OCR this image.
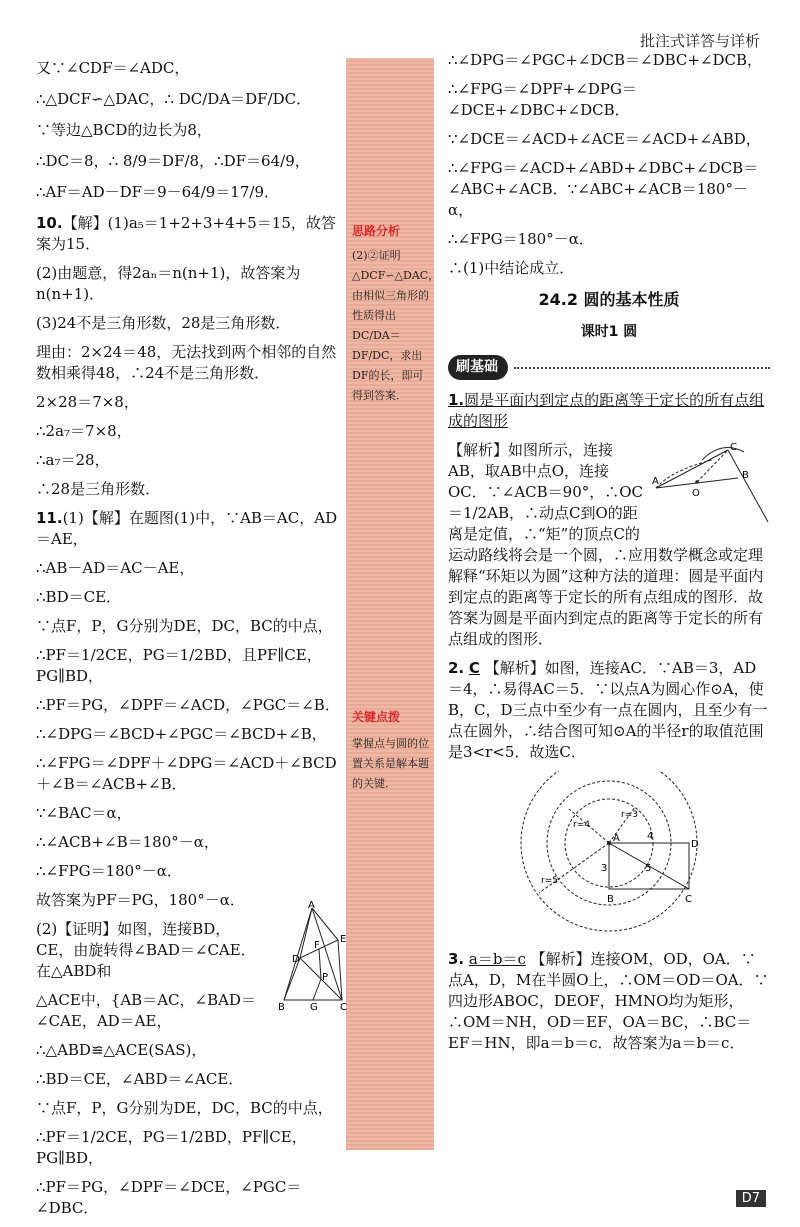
批注式详答与详析
思路分析
(2)②证明△DCF∽△DAC，由相似三角形的性质得出DC/DA＝DF/DC，求出DF的长，即可得到答案．
关键点拨
掌握点与圆的位置关系是解本题的关键．
又∵∠CDF＝∠ADC，
∴△DCF∽△DAC，∴ DC/DA＝DF/DC．
∵等边△BCD的边长为8，
∴DC＝8，∴ 8/9＝DF/8，∴DF＝64/9，
∴AF＝AD－DF＝9－64/9＝17/9．
10.【解】(1)a₅＝1+2+3+4+5＝15，故答案为15．
(2)由题意，得2aₙ＝n(n+1)，故答案为n(n+1)．
(3)24不是三角形数，28是三角形数．
理由：2×24＝48，无法找到两个相邻的自然数相乘得48，∴24不是三角形数．
2×28＝7×8，
∴2a₇＝7×8，
∴a₇＝28，
∴28是三角形数．
11.(1)【解】在题图(1)中，∵AB＝AC，AD＝AE，
∴AB－AD＝AC－AE，
∴BD＝CE．
∵点F，P，G分别为DE，DC，BC的中点，
∴PF＝1/2CE，PG＝1/2BD，且PF∥CE，PG∥BD，
∴PF＝PG，∠DPF＝∠ACD，∠PGC＝∠B．
∴∠DPG＝∠BCD+∠PGC＝∠BCD+∠B，
∴∠FPG＝∠DPF＋∠DPG＝∠ACD＋∠BCD＋∠B＝∠ACB+∠B．
∵∠BAC＝α，
∴∠ACB+∠B＝180°－α，
∴∠FPG＝180°－α．
故答案为PF＝PG，180°－α．
(2)【证明】如图，连接BD，CE，由旋转得∠BAD＝∠CAE．在△ABD和
△ACE中，{AB＝AC，∠BAD＝∠CAE，AD＝AE，
∴△ABD≌△ACE(SAS)，
∴BD＝CE，∠ABD＝∠ACE．
∵点F，P，G分别为DE，DC，BC的中点，
∴PF＝1/2CE，PG＝1/2BD，PF∥CE，PG∥BD，
∴PF＝PG，∠DPF＝∠DCE，∠PGC＝∠DBC．
A
B	C
D
E
F
P
G
∴∠DPG＝∠PGC+∠DCB＝∠DBC+∠DCB，
∴∠FPG＝∠DPF+∠DPG＝∠DCE+∠DBC+∠DCB．
∵∠DCE＝∠ACD+∠ACE＝∠ACD+∠ABD，
∴∠FPG＝∠ACD+∠ABD+∠DBC+∠DCB＝∠ABC+∠ACB．∵∠ABC+∠ACB＝180°－α，
∴∠FPG＝180°－α．
∴(1)中结论成立．
24.2 圆的基本性质
课时1 圆
刷基础
1.圆是平面内到定点的距离等于定长的所有点组成的图形
A
B
C
O
【解析】如图所示，连接AB，取AB中点O，连接OC．∵∠ACB＝90°，∴OC＝1/2AB，∴动点C到O的距离是定值，∴“矩”的顶点C的运动路线将会是一个圆，∴应用数学概念或定理解释“环矩以为圆”这种方法的道理：圆是平面内到定点的距离等于定长的所有点组成的图形．故答案为圆是平面内到定点的距离等于定长的所有点组成的图形．
2. C 【解析】如图，连接AC．∵AB＝3，AD＝4，∴易得AC＝5．∵以点A为圆心作⊙A，使B，C，D三点中至少有一点在圆内，且至少有一点在圆外，∴结合图可知⊙A的半径r的取值范围是3<r<5．故选C．
A
B	C
D
r=3
r=4
r=5
4
3	5
3. a＝b＝c 【解析】连接OM，OD，OA．∵点A，D，M在半圆O上，∴OM＝OD＝OA．∵四边形ABOC，DEOF，HMNO均为矩形，∴OM＝NH，OD＝EF，OA＝BC，∴BC＝EF＝HN，即a＝b＝c．故答案为a＝b＝c．
D7
